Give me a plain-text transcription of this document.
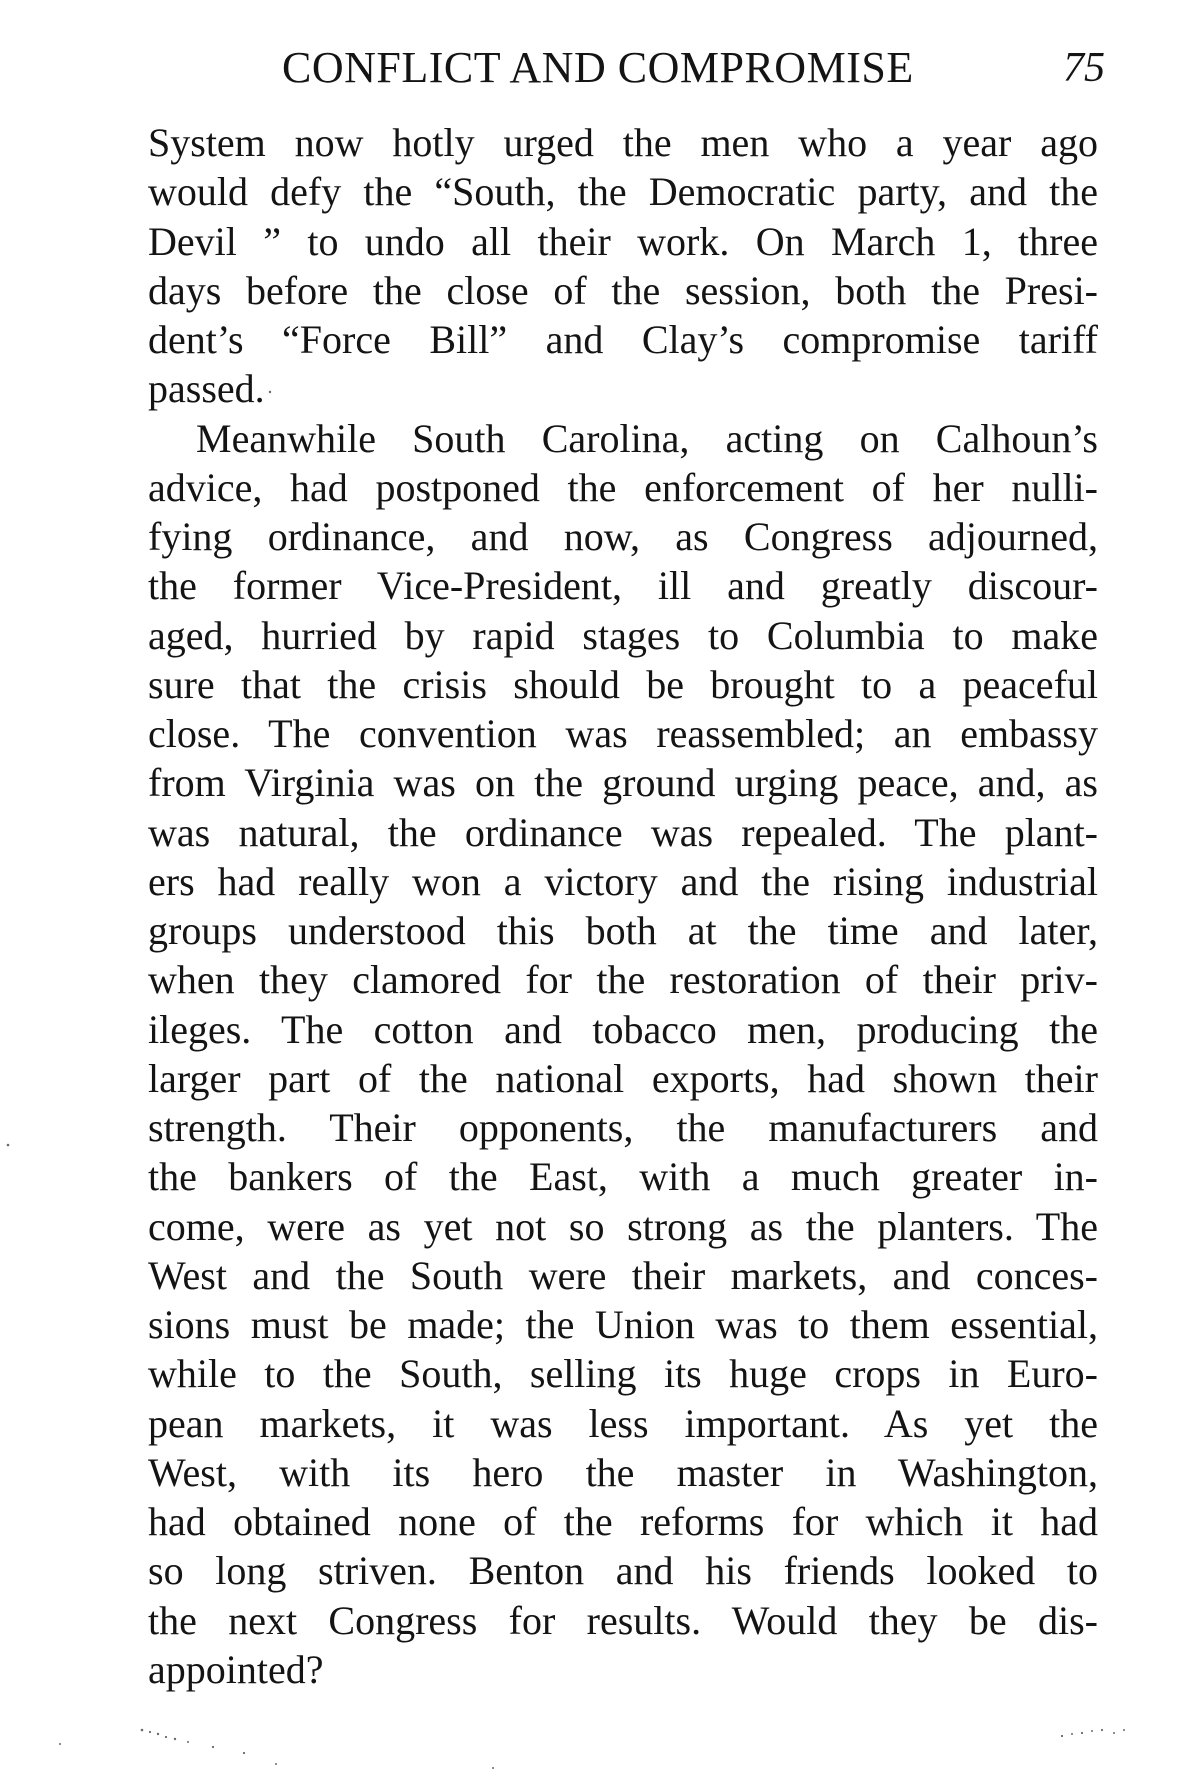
CONFLICT AND COMPROMISE	75
System now hotly urged the men who a year ago
would defy the “South, the Democratic party, and the
Devil ” to undo all their work. On March 1, three
days before the close of the session, both the Presi-
dent’s “Force Bill” and Clay’s compromise tariff
passed.
Meanwhile South Carolina, acting on Calhoun’s
advice, had postponed the enforcement of her nulli-
fying ordinance, and now, as Congress adjourned,
the former Vice-President, ill and greatly discour-
aged, hurried by rapid stages to Columbia to make
sure that the crisis should be brought to a peaceful
close. The convention was reassembled; an embassy
from Virginia was on the ground urging peace, and, as
was natural, the ordinance was repealed. The plant-
ers had really won a victory and the rising industrial
groups understood this both at the time and later,
when they clamored for the restoration of their priv-
ileges. The cotton and tobacco men, producing the
larger part of the national exports, had shown their
strength. Their opponents, the manufacturers and
the bankers of the East, with a much greater in-
come, were as yet not so strong as the planters. The
West and the South were their markets, and conces-
sions must be made; the Union was to them essential,
while to the South, selling its huge crops in Euro-
pean markets, it was less important. As yet the
West, with its hero the master in Washington,
had obtained none of the reforms for which it had
so long striven. Benton and his friends looked to
the next Congress for results. Would they be dis-
appointed?
